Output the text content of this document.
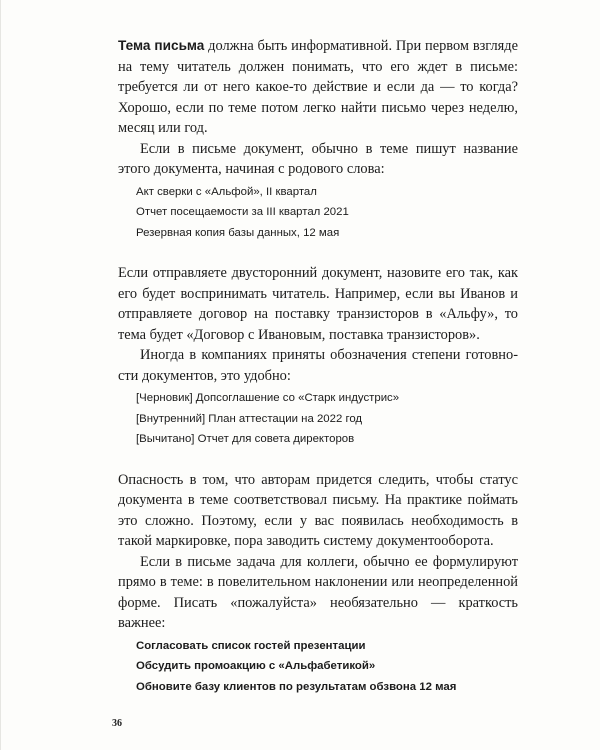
Тема письма должна быть информативной. При первом взгляде на тему читатель должен понимать, что его ждет в письме: требуется ли от него какое-то действие и если да — то когда? Хорошо, если по теме потом легко найти письмо через неделю, месяц или год.

Если в письме документ, обычно в теме пишут название этого документа, начиная с родового слова:

Акт сверки с «Альфой», II квартал

Отчет посещаемости за III квартал 2021

Резервная копия базы данных, 12 мая

Если отправляете двусторонний документ, назовите его так, как его будет воспринимать читатель. Например, если вы Иванов и отправляете договор на поставку транзисторов в «Альфу», то тема будет «Договор с Ивановым, поставка транзисторов».

Иногда в компаниях приняты обозначения степени готовности документов, это удобно:

[Черновик] Допсоглашение со «Старк индустрис»

[Внутренний] План аттестации на 2022 год

[Вычитано] Отчет для совета директоров

Опасность в том, что авторам придется следить, чтобы статус документа в теме соответствовал письму. На практике поймать это сложно. Поэтому, если у вас появилась необходимость в такой маркировке, пора заводить систему документооборота.

Если в письме задача для коллеги, обычно ее формулируют прямо в теме: в повелительном наклонении или неопределенной форме. Писать «пожалуйста» необязательно — краткость важнее:

Согласовать список гостей презентации

Обсудить промоакцию с «Альфабетикой»

Обновите базу клиентов по результатам обзвона 12 мая

36
